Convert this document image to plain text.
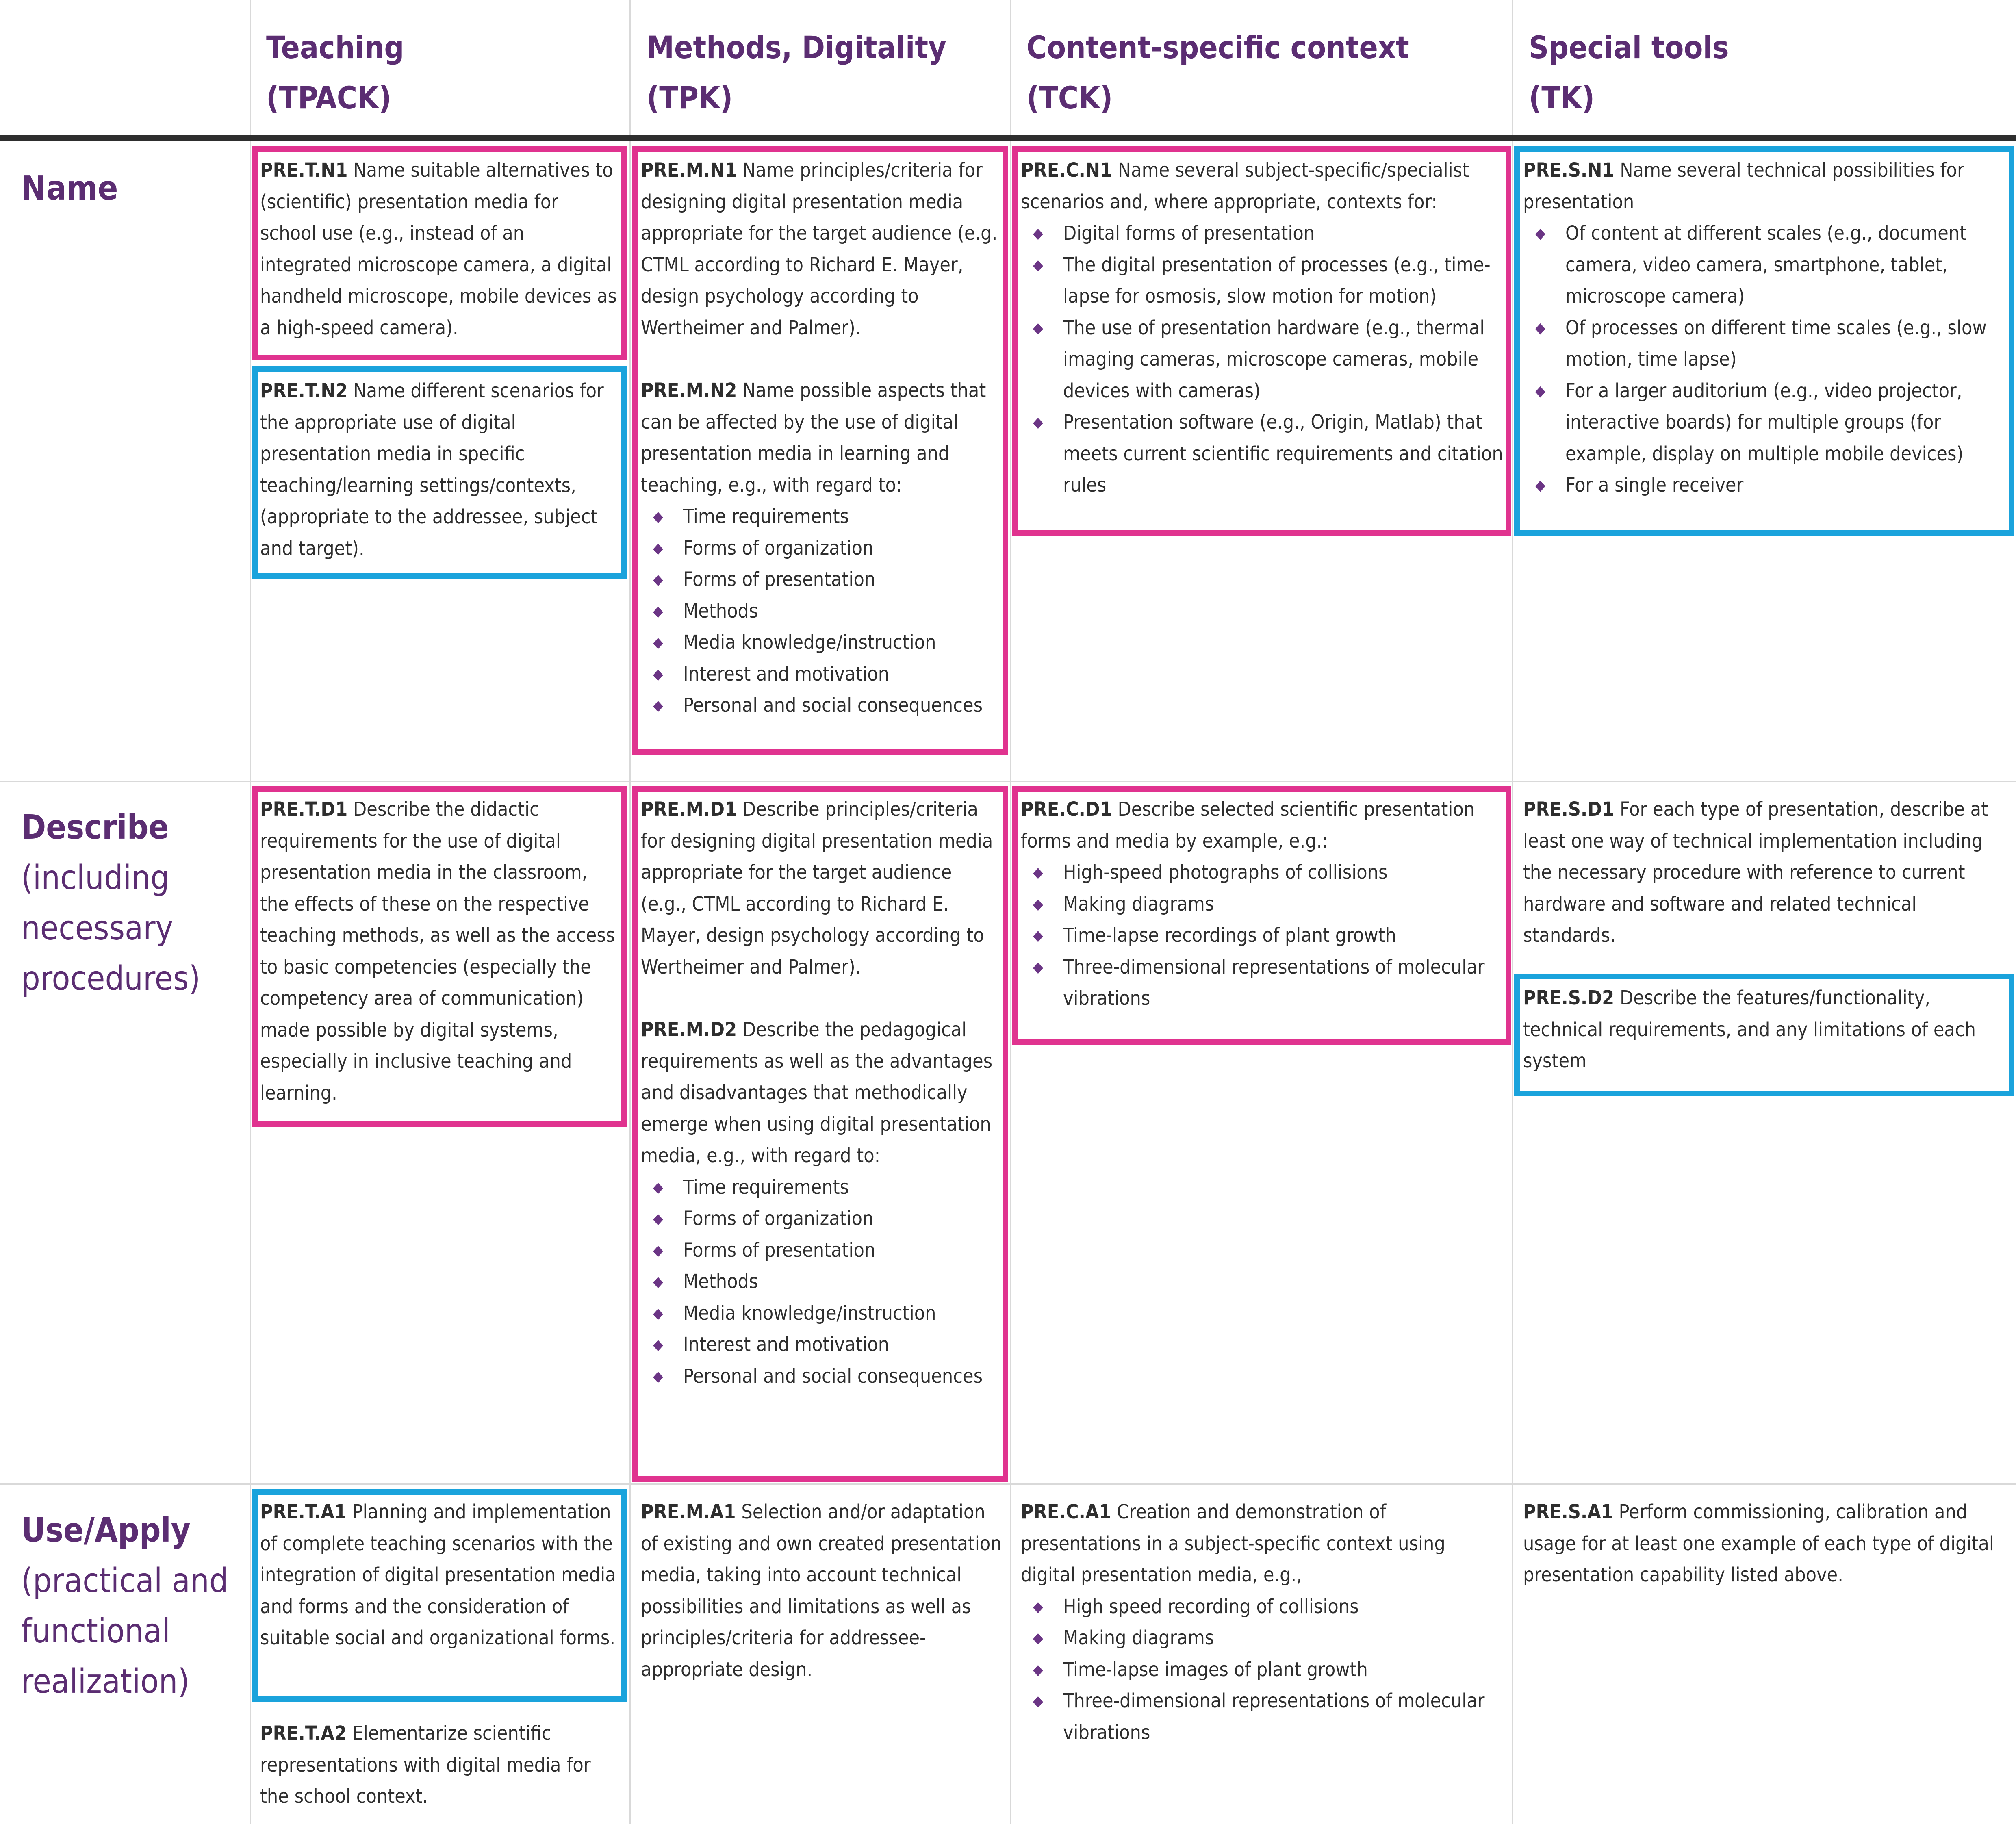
Teaching
(TPACK)
Methods, Digitality
(TPK)
Content-specific context
(TCK)
Special tools
(TK)
Name
Describe
(including
necessary
procedures)
Use/Apply
(practical and
functional
realization)

PRE.T.N1 Name suitable alternatives to (scientific) presentation media for school use (e.g., instead of an integrated microscope camera, a digital handheld microscope, mobile devices as a high-speed camera).

PRE.T.N2 Name different scenarios for the appropriate use of digital presentation media in specific teaching/learning settings/contexts, (appropriate to the addressee, subject and target).

PRE.M.N1 Name principles/criteria for designing digital presentation media appropriate for the target audience (e.g. CTML according to Richard E. Mayer, design psychology according to Wertheimer and Palmer).

PRE.M.N2 Name possible aspects that can be affected by the use of digital presentation media in learning and teaching, e.g., with regard to:

◆ Time requirements
◆ Forms of organization
◆ Forms of presentation
◆ Methods
◆ Media knowledge/instruction
◆ Interest and motivation
◆ Personal and social consequences

PRE.C.N1 Name several subject-specific/specialist scenarios and, where appropriate, contexts for:

◆ Digital forms of presentation
◆ The digital presentation of processes (e.g., time-lapse for osmosis, slow motion for motion)
◆ The use of presentation hardware (e.g., thermal imaging cameras, microscope cameras, mobile devices with cameras)
◆ Presentation software (e.g., Origin, Matlab) that meets current scientific requirements and citation rules

PRE.S.N1 Name several technical possibilities for presentation

◆ Of content at different scales (e.g., document camera, video camera, smartphone, tablet, microscope camera)
◆ Of processes on different time scales (e.g., slow motion, time lapse)
◆ For a larger auditorium (e.g., video projector, interactive boards) for multiple groups (for example, display on multiple mobile devices)
◆ For a single receiver

PRE.T.D1 Describe the didactic requirements for the use of digital presentation media in the classroom, the effects of these on the respective teaching methods, as well as the access to basic competencies (especially the competency area of communication) made possible by digital systems, especially in inclusive teaching and learning.

PRE.M.D1 Describe principles/criteria for designing digital presentation media appropriate for the target audience (e.g., CTML according to Richard E. Mayer, design psychology according to Wertheimer and Palmer).

PRE.M.D2 Describe the pedagogical requirements as well as the advantages and disadvantages that methodically emerge when using digital presentation media, e.g., with regard to:

◆ Time requirements
◆ Forms of organization
◆ Forms of presentation
◆ Methods
◆ Media knowledge/instruction
◆ Interest and motivation
◆ Personal and social consequences

PRE.C.D1 Describe selected scientific presentation forms and media by example, e.g.:

◆ High-speed photographs of collisions
◆ Making diagrams
◆ Time-lapse recordings of plant growth
◆ Three-dimensional representations of molecular vibrations

PRE.S.D1 For each type of presentation, describe at least one way of technical implementation including the necessary procedure with reference to current hardware and software and related technical standards.

PRE.S.D2 Describe the features/functionality, technical requirements, and any limitations of each system

PRE.T.A1 Planning and implementation of complete teaching scenarios with the integration of digital presentation media and forms and the consideration of suitable social and organizational forms.

PRE.T.A2 Elementarize scientific representations with digital media for the school context.

PRE.M.A1 Selection and/or adaptation of existing and own created presentation media, taking into account technical possibilities and limitations as well as principles/criteria for addressee-appropriate design.

PRE.C.A1 Creation and demonstration of presentations in a subject-specific context using digital presentation media, e.g.,

◆ High speed recording of collisions
◆ Making diagrams
◆ Time-lapse images of plant growth
◆ Three-dimensional representations of molecular vibrations

PRE.S.A1 Perform commissioning, calibration and usage for at least one example of each type of digital presentation capability listed above.
